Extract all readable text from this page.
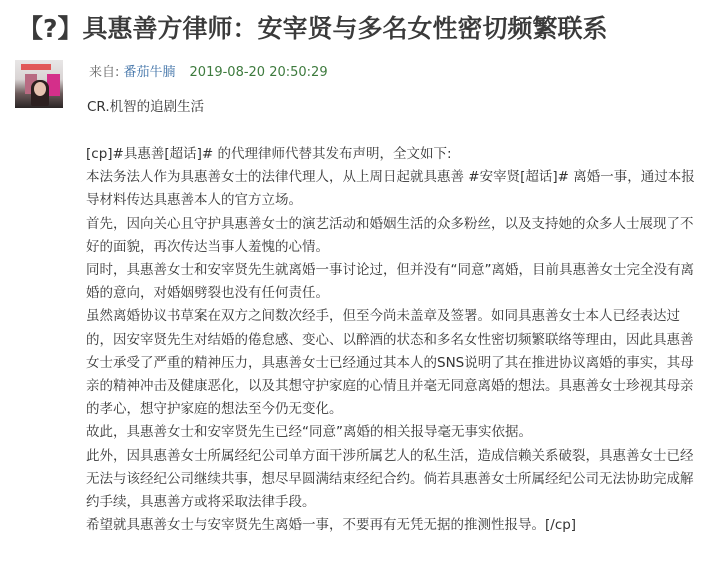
【?】具惠善方律师：安宰贤与多名女性密切频繁联系
来自: 番茄牛腩 2019-08-20 20:50:29
CR.机智的追剧生活

[cp]#具惠善[超话]# 的代理律师代替其发布声明，全文如下:

本法务法人作为具惠善女士的法律代理人，从上周日起就具惠善 #安宰贤[超话]# 离婚一事，通过本报导材料传达具惠善本人的官方立场。

首先，因向关心且守护具惠善女士的演艺活动和婚姻生活的众多粉丝，以及支持她的众多人士展现了不好的面貌，再次传达当事人羞愧的心情。

同时，具惠善女士和安宰贤先生就离婚一事讨论过，但并没有“同意”离婚，目前具惠善女士完全没有离婚的意向，对婚姻劈裂也没有任何责任。

虽然离婚协议书草案在双方之间数次经手，但至今尚未盖章及签署。如同具惠善女士本人已经表达过的，因安宰贤先生对结婚的倦怠感、变心、以醉酒的状态和多名女性密切频繁联络等理由，因此具惠善女士承受了严重的精神压力，具惠善女士已经通过其本人的SNS说明了其在推进协议离婚的事实，其母亲的精神冲击及健康恶化，以及其想守护家庭的心情且并毫无同意离婚的想法。具惠善女士珍视其母亲的孝心，想守护家庭的想法至今仍无变化。

故此，具惠善女士和安宰贤先生已经“同意”离婚的相关报导毫无事实依据。

此外，因具惠善女士所属经纪公司单方面干涉所属艺人的私生活，造成信赖关系破裂，具惠善女士已经无法与该经纪公司继续共事，想尽早圆满结束经纪合约。倘若具惠善女士所属经纪公司无法协助完成解约手续，具惠善方或将采取法律手段。

希望就具惠善女士与安宰贤先生离婚一事，不要再有无凭无据的推测性报导。[/cp]
